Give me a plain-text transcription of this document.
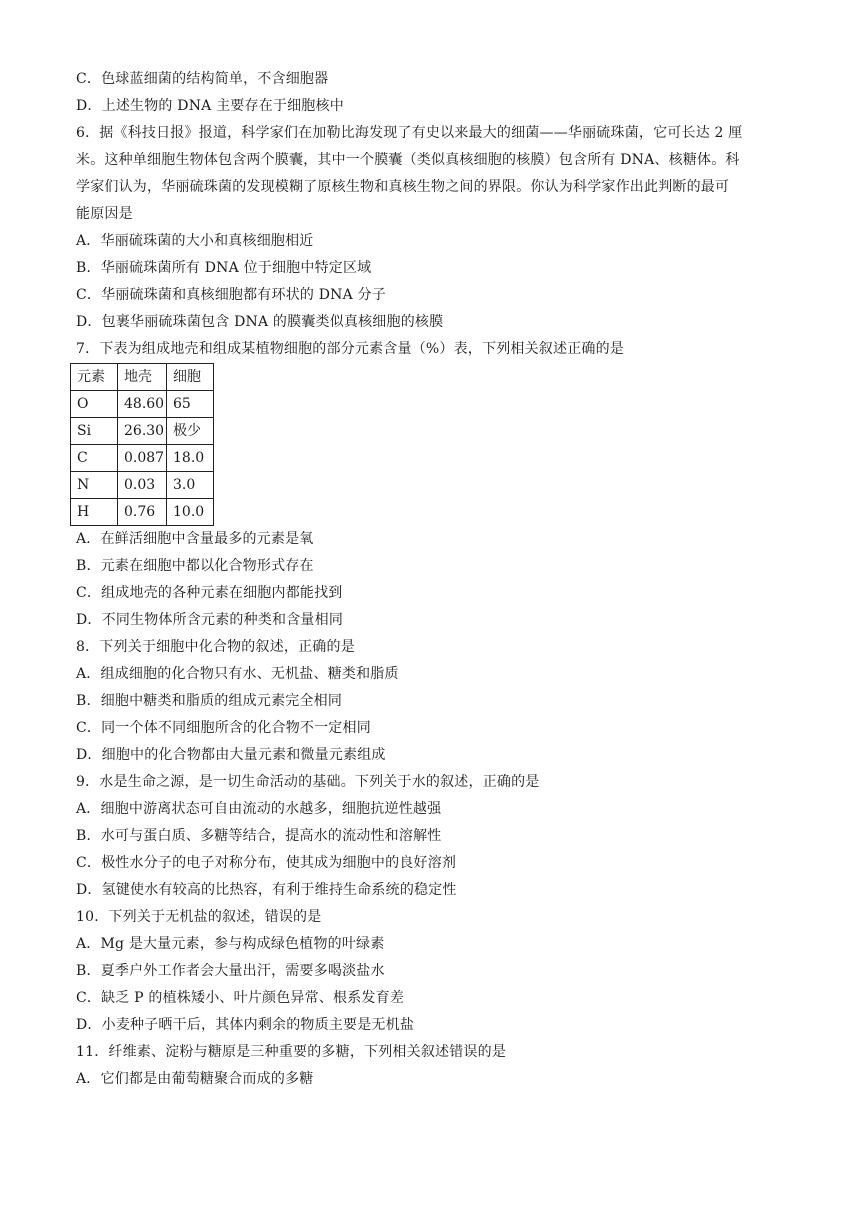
C．色球蓝细菌的结构简单，不含细胞器
D．上述生物的 DNA 主要存在于细胞核中
6．据《科技日报》报道，科学家们在加勒比海发现了有史以来最大的细菌——华丽硫珠菌，它可长达 2 厘
米。这种单细胞生物体包含两个膜囊，其中一个膜囊（类似真核细胞的核膜）包含所有 DNA、核糖体。科
学家们认为，华丽硫珠菌的发现模糊了原核生物和真核生物之间的界限。你认为科学家作出此判断的最可
能原因是
A．华丽硫珠菌的大小和真核细胞相近
B．华丽硫珠菌所有 DNA 位于细胞中特定区域
C．华丽硫珠菌和真核细胞都有环状的 DNA 分子
D．包裹华丽硫珠菌包含 DNA 的膜囊类似真核细胞的核膜
7．下表为组成地壳和组成某植物细胞的部分元素含量（%）表，下列相关叙述正确的是
元素	地壳	细胞
O	48.60	65
Si	26.30	极少
C	0.087	18.0
N	0.03	3.0
H	0.76	10.0
A．在鲜活细胞中含量最多的元素是氧
B．元素在细胞中都以化合物形式存在
C．组成地壳的各种元素在细胞内都能找到
D．不同生物体所含元素的种类和含量相同
8．下列关于细胞中化合物的叙述，正确的是
A．组成细胞的化合物只有水、无机盐、糖类和脂质
B．细胞中糖类和脂质的组成元素完全相同
C．同一个体不同细胞所含的化合物不一定相同
D．细胞中的化合物都由大量元素和微量元素组成
9．水是生命之源，是一切生命活动的基础。下列关于水的叙述，正确的是
A．细胞中游离状态可自由流动的水越多，细胞抗逆性越强
B．水可与蛋白质、多糖等结合，提高水的流动性和溶解性
C．极性水分子的电子对称分布，使其成为细胞中的良好溶剂
D．氢键使水有较高的比热容，有利于维持生命系统的稳定性
10．下列关于无机盐的叙述，错误的是
A．Mg 是大量元素，参与构成绿色植物的叶绿素
B．夏季户外工作者会大量出汗，需要多喝淡盐水
C．缺乏 P 的植株矮小、叶片颜色异常、根系发育差
D．小麦种子晒干后，其体内剩余的物质主要是无机盐
11．纤维素、淀粉与糖原是三种重要的多糖，下列相关叙述错误的是
A．它们都是由葡萄糖聚合而成的多糖
